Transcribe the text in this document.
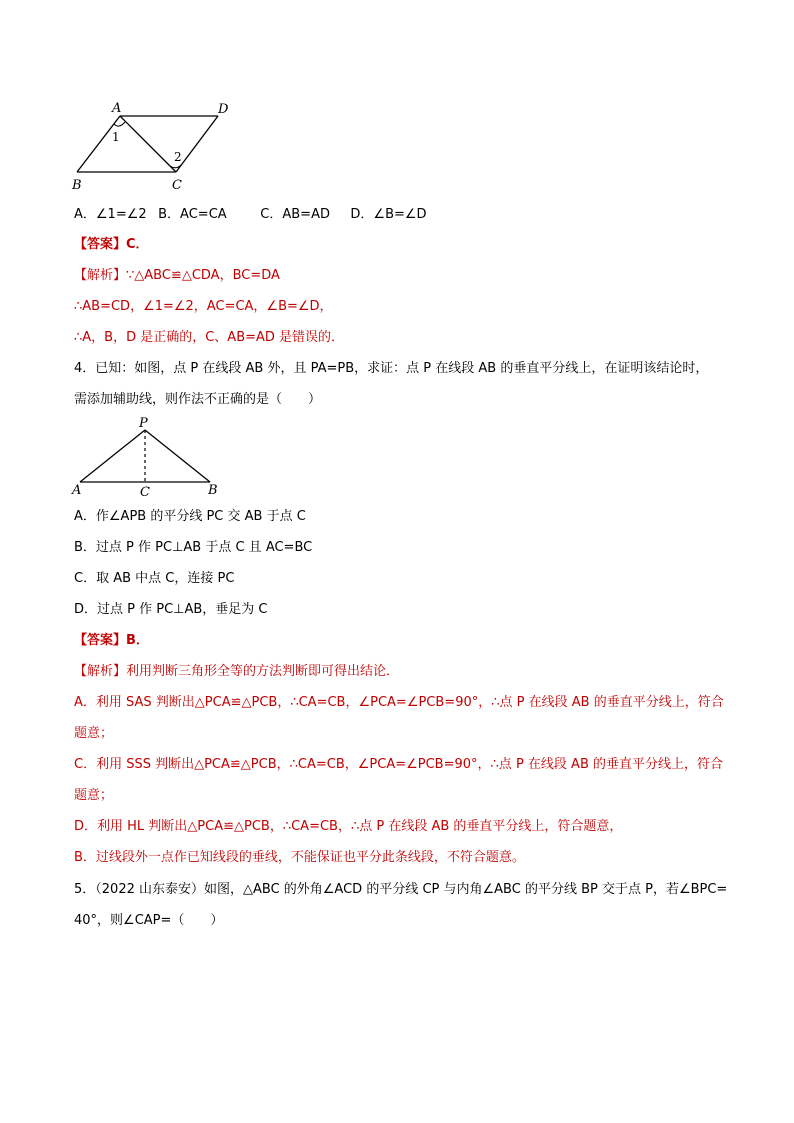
A	D
B	C
1
2
A．∠1=∠2 B．AC=CA	C．AB=AD D．∠B=∠D
【答案】C．
【解析】∵△ABC≌△CDA，BC=DA
∴AB=CD，∠1=∠2，AC=CA，∠B=∠D，
∴A，B，D 是正确的，C、AB=AD 是错误的．
4．已知：如图，点 P 在线段 AB 外，且 PA=PB，求证：点 P 在线段 AB 的垂直平分线上，在证明该结论时，
需添加辅助线，则作法不正确的是（　　）
P
A	C	B
A．作∠APB 的平分线 PC 交 AB 于点 C
B．过点 P 作 PC⊥AB 于点 C 且 AC=BC
C．取 AB 中点 C，连接 PC
D．过点 P 作 PC⊥AB，垂足为 C
【答案】B．
【解析】利用判断三角形全等的方法判断即可得出结论．
A．利用 SAS 判断出△PCA≌△PCB，∴CA=CB，∠PCA=∠PCB=90°，∴点 P 在线段 AB 的垂直平分线上，符合
题意；
C．利用 SSS 判断出△PCA≌△PCB，∴CA=CB，∠PCA=∠PCB=90°，∴点 P 在线段 AB 的垂直平分线上，符合
题意；
D．利用 HL 判断出△PCA≌△PCB，∴CA=CB，∴点 P 在线段 AB 的垂直平分线上，符合题意，
B．过线段外一点作已知线段的垂线，不能保证也平分此条线段，不符合题意。
5．（2022 山东泰安）如图，△ABC 的外角∠ACD 的平分线 CP 与内角∠ABC 的平分线 BP 交于点 P，若∠BPC=
40°，则∠CAP=（　　）
